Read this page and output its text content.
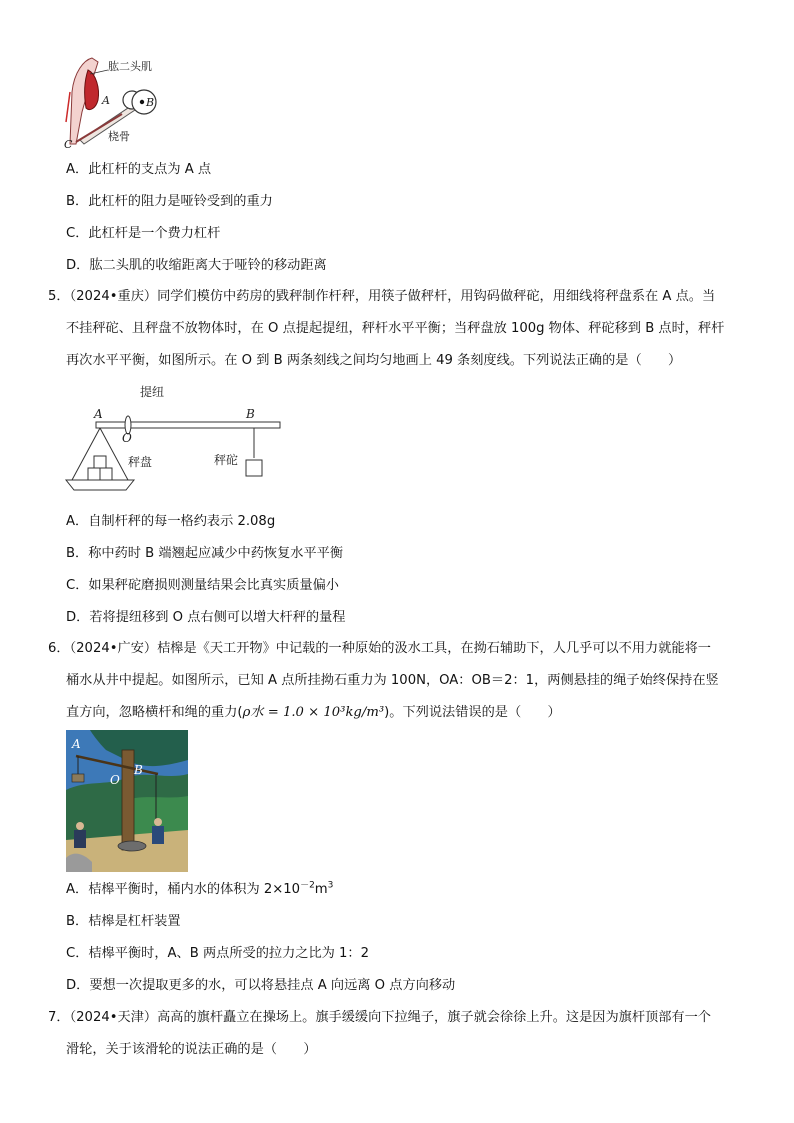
肱二头肌
A	B
C
桡骨
A．此杠杆的支点为 A 点
B．此杠杆的阻力是哑铃受到的重力
C．此杠杆是一个费力杠杆
D．肱二头肌的收缩距离大于哑铃的移动距离
5．（2024•重庆）同学们模仿中药房的戥秤制作杆秤，用筷子做秤杆，用钩码做秤砣，用细线将秤盘系在 A 点。当
不挂秤砣、且秤盘不放物体时，在 O 点提起提纽，秤杆水平平衡；当秤盘放 100g 物体、秤砣移到 B 点时，秤杆
再次水平平衡，如图所示。在 O 到 B 两条刻线之间均匀地画上 49 条刻度线。下列说法正确的是（　　）
提纽
A
O
B
秤盘	秤砣
A．自制杆秤的每一格约表示 2.08g
B．称中药时 B 端翘起应减少中药恢复水平平衡
C．如果秤砣磨损则测量结果会比真实质量偏小
D．若将提纽移到 O 点右侧可以增大杆秤的量程
6．（2024•广安）桔槔是《天工开物》中记载的一种原始的汲水工具，在拗石辅助下，人几乎可以不用力就能将一
桶水从井中提起。如图所示，已知 A 点所挂拗石重力为 100N，OA：OB＝2：1，两侧悬挂的绳子始终保持在竖
直方向，忽略横杆和绳的重力(ρ水 = 1.0 × 10³kg/m³)。下列说法错误的是（　　）
A
O
B
A．桔槔平衡时，桶内水的体积为 $2\times 10^{-2}m^3$
B．桔槔是杠杆装置
C．桔槔平衡时，A、B 两点所受的拉力之比为 1：2
D．要想一次提取更多的水，可以将悬挂点 A 向远离 O 点方向移动
7．（2024•天津）高高的旗杆矗立在操场上。旗手缓缓向下拉绳子，旗子就会徐徐上升。这是因为旗杆顶部有一个
滑轮，关于该滑轮的说法正确的是（　　）
